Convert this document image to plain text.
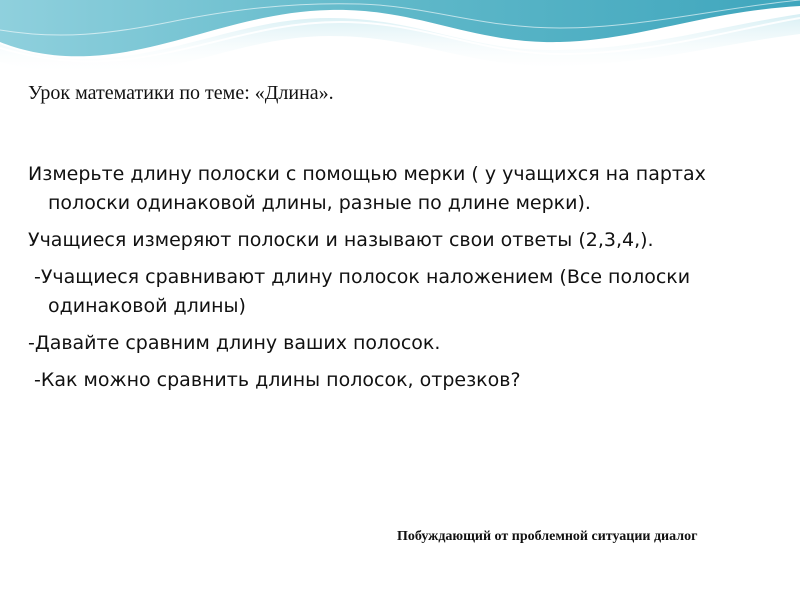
Урок математики по теме: «Длина».

Измерьте длину полоски с помощью мерки ( у учащихся на партах полоски одинаковой длины, разные по длине мерки).

Учащиеся измеряют полоски и называют свои ответы (2,3,4,).

-Учащиеся сравнивают длину полосок наложением (Все полоски одинаковой длины)

-Давайте сравним длину ваших полосок.

-Как можно сравнить длины полосок, отрезков?

Побуждающий от проблемной ситуации диалог
